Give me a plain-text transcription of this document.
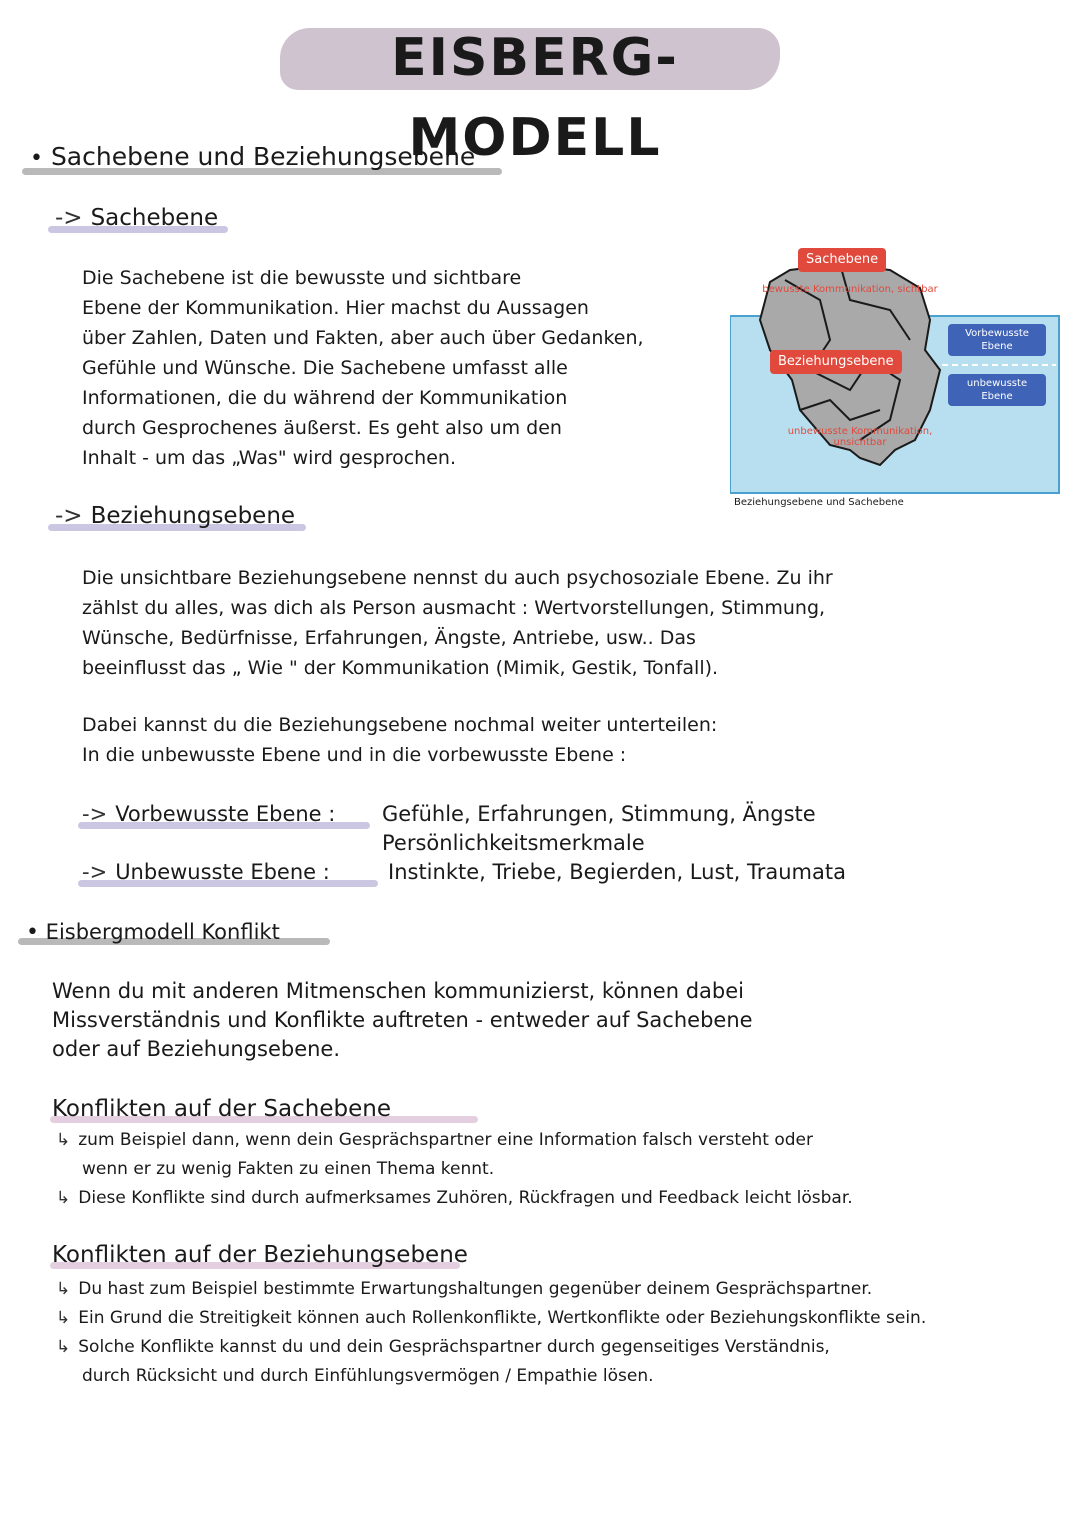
EISBERG-MODELL
• Sachebene und Beziehungsebene
-> Sachebene
Die Sachebene ist die bewusste und sichtbare
Ebene der Kommunikation. Hier machst du Aussagen
über Zahlen, Daten und Fakten, aber auch über Gedanken,
Gefühle und Wünsche. Die Sachebene umfasst alle
Informationen, die du während der Kommunikation
durch Gesprochenes äußerst. Es geht also um den
Inhalt - um das „Was" wird gesprochen.
Sachebene
bewusste Kommunikation, sichtbar
Beziehungsebene
unbewusste Kommunikation, unsichtbar
Vorbewusste Ebene
unbewusste Ebene
Beziehungsebene und Sachebene
-> Beziehungsebene
Die unsichtbare Beziehungsebene nennst du auch psychosoziale Ebene. Zu ihr
zählst du alles, was dich als Person ausmacht : Wertvorstellungen, Stimmung,
Wünsche, Bedürfnisse, Erfahrungen, Ängste, Antriebe, usw.. Das
beeinflusst das „ Wie " der Kommunikation (Mimik, Gestik, Tonfall).
Dabei kannst du die Beziehungsebene nochmal weiter unterteilen:
In die unbewusste Ebene und in die vorbewusste Ebene :
-> Vorbewusste Ebene : Gefühle, Erfahrungen, Stimmung, Ängste
Persönlichkeitsmerkmale
-> Unbewusste Ebene :	Instinkte, Triebe, Begierden, Lust, Traumata
• Eisbergmodell Konflikt
Wenn du mit anderen Mitmenschen kommunizierst, können dabei
Missverständnis und Konflikte auftreten - entweder auf Sachebene
oder auf Beziehungsebene.
Konflikten auf der Sachebene
↳ zum Beispiel dann, wenn dein Gesprächspartner eine Information falsch versteht oder
wenn er zu wenig Fakten zu einen Thema kennt.
↳ Diese Konflikte sind durch aufmerksames Zuhören, Rückfragen und Feedback leicht lösbar.
Konflikten auf der Beziehungsebene
↳ Du hast zum Beispiel bestimmte Erwartungshaltungen gegenüber deinem Gesprächspartner.
↳ Ein Grund die Streitigkeit können auch Rollenkonflikte, Wertkonflikte oder Beziehungskonflikte sein.
↳ Solche Konflikte kannst du und dein Gesprächspartner durch gegenseitiges Verständnis,
durch Rücksicht und durch Einfühlungsvermögen / Empathie lösen.
